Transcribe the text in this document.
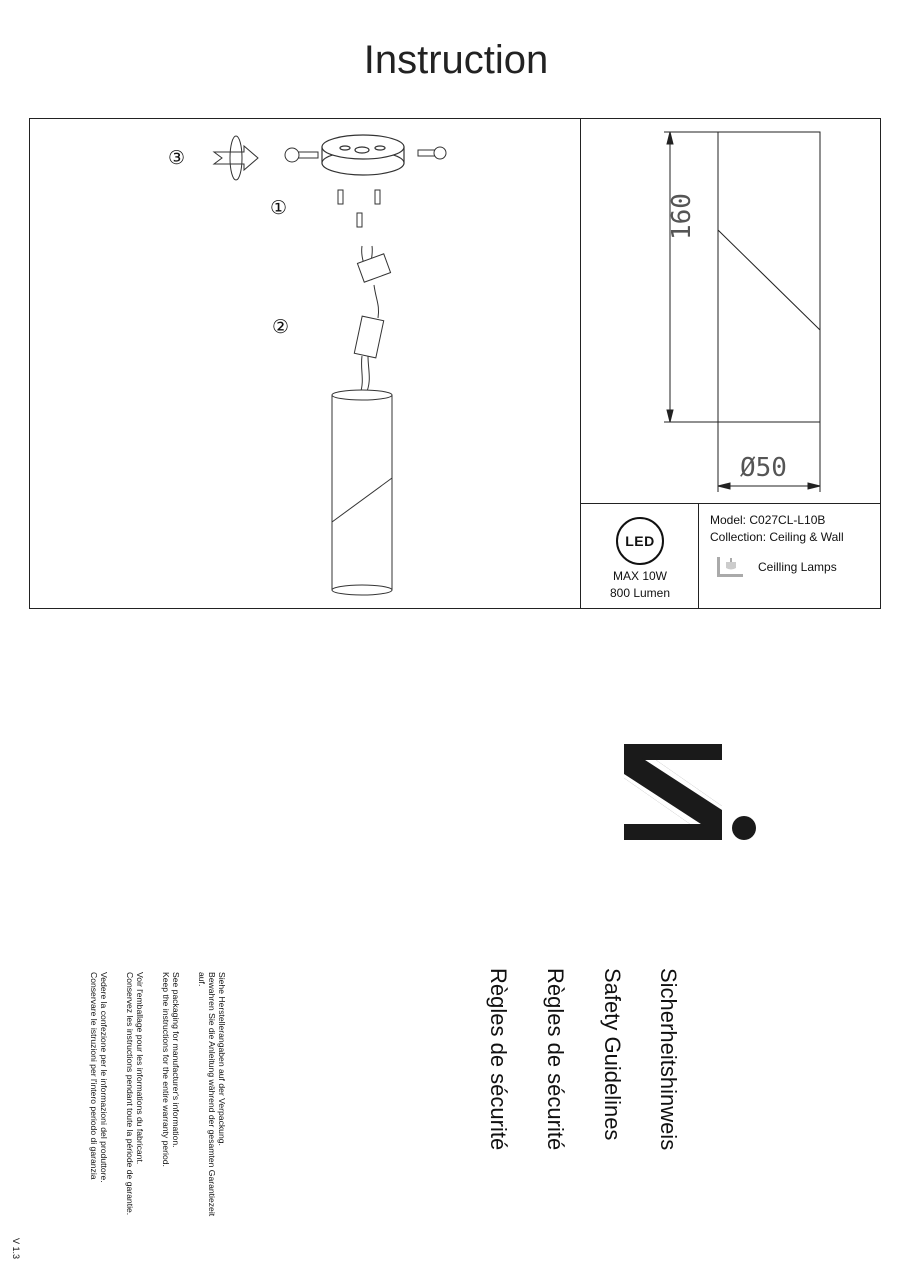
Instruction
③
①
②
160
Ø50
LED
MAX 10W
800 Lumen
Model: C027CL-L10B
Collection: Ceiling & Wall
Ceilling Lamps
Sicherheitshinweis
Safety Guidelines
Règles de sécurité
Règles de sécurité
Siehe Herstellerangaben auf der Verpackung.
Bewahren Sie die Anleitung während der gesamten Garantiezeit
auf.
See packaging for manufacturer's information.
Keep the instructions for the entire warranty period.
Voir l'emballage pour les informations du fabricant.
Conservez les instructions pendant toute la période de garantie.
Vedere la confezione per le informazioni del produttore.
Conservare le istruzioni per l'intero periodo di garanzia
V 1.3
